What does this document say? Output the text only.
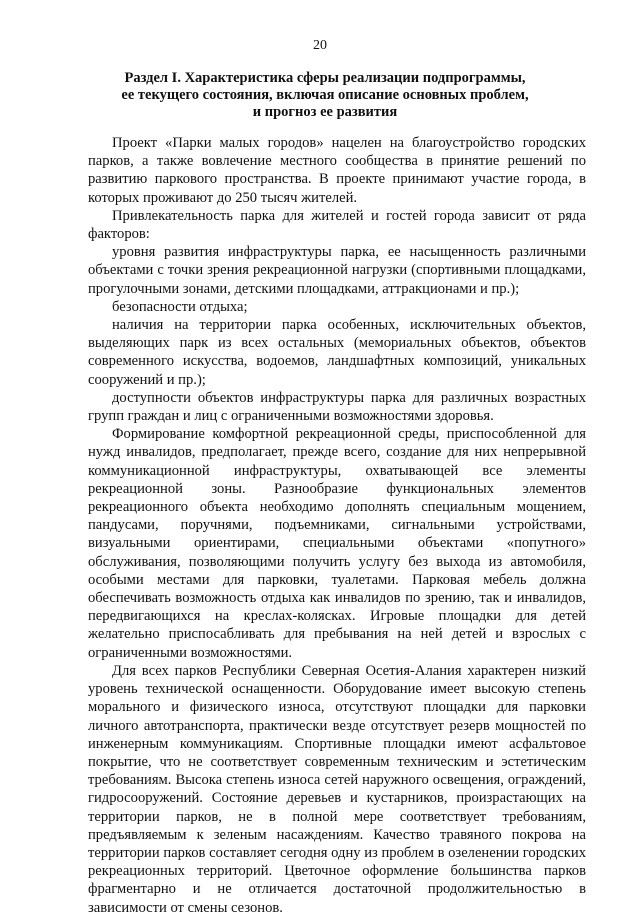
20
Раздел I. Характеристика сферы реализации подпрограммы,
ее текущего состояния, включая описание основных проблем,
и прогноз ее развития

Проект «Парки малых городов» нацелен на благоустройство городских парков, а также вовлечение местного сообщества в принятие решений по развитию паркового пространства. В проекте принимают участие города, в которых проживают до 250 тысяч жителей.

Привлекательность парка для жителей и гостей города зависит от ряда факторов:

уровня развития инфраструктуры парка, ее насыщенность различными объектами с точки зрения рекреационной нагрузки (спортивными площадками, прогулочными зонами, детскими площадками, аттракционами и пр.);

безопасности отдыха;

наличия на территории парка особенных, исключительных объектов, выделяющих парк из всех остальных (мемориальных объектов, объектов современного искусства, водоемов, ландшафтных композиций, уникальных сооружений и пр.);

доступности объектов инфраструктуры парка для различных возрастных групп граждан и лиц с ограниченными возможностями здоровья.

Формирование комфортной рекреационной среды, приспособленной для нужд инвалидов, предполагает, прежде всего, создание для них непрерывной коммуникационной инфраструктуры, охватывающей все элементы рекреационной зоны. Разнообразие функциональных элементов рекреационного объекта необходимо дополнять специальным мощением, пандусами, поручнями, подъемниками, сигнальными устройствами, визуальными ориентирами, специальными объектами «попутного» обслуживания, позволяющими получить услугу без выхода из автомобиля, особыми местами для парковки, туалетами. Парковая мебель должна обеспечивать возможность отдыха как инвалидов по зрению, так и инвалидов, передвигающихся на креслах-колясках. Игровые площадки для детей желательно приспосабливать для пребывания на ней детей и взрослых с ограниченными возможностями.

Для всех парков Республики Северная Осетия-Алания характерен низкий уровень технической оснащенности. Оборудование имеет высокую степень морального и физического износа, отсутствуют площадки для парковки личного автотранспорта, практически везде отсутствует резерв мощностей по инженерным коммуникациям. Спортивные площадки имеют асфальтовое покрытие, что не соответствует современным техническим и эстетическим требованиям. Высока степень износа сетей наружного освещения, ограждений, гидросооружений. Состояние деревьев и кустарников, произрастающих на территории парков, не в полной мере соответствует требованиям, предъявляемым к зеленым насаждениям. Качество травяного покрова на территории парков составляет сегодня одну из проблем в озеленении городских рекреационных территорий. Цветочное оформление большинства парков фрагментарно и не отличается достаточной продолжительностью в зависимости от смены сезонов.
